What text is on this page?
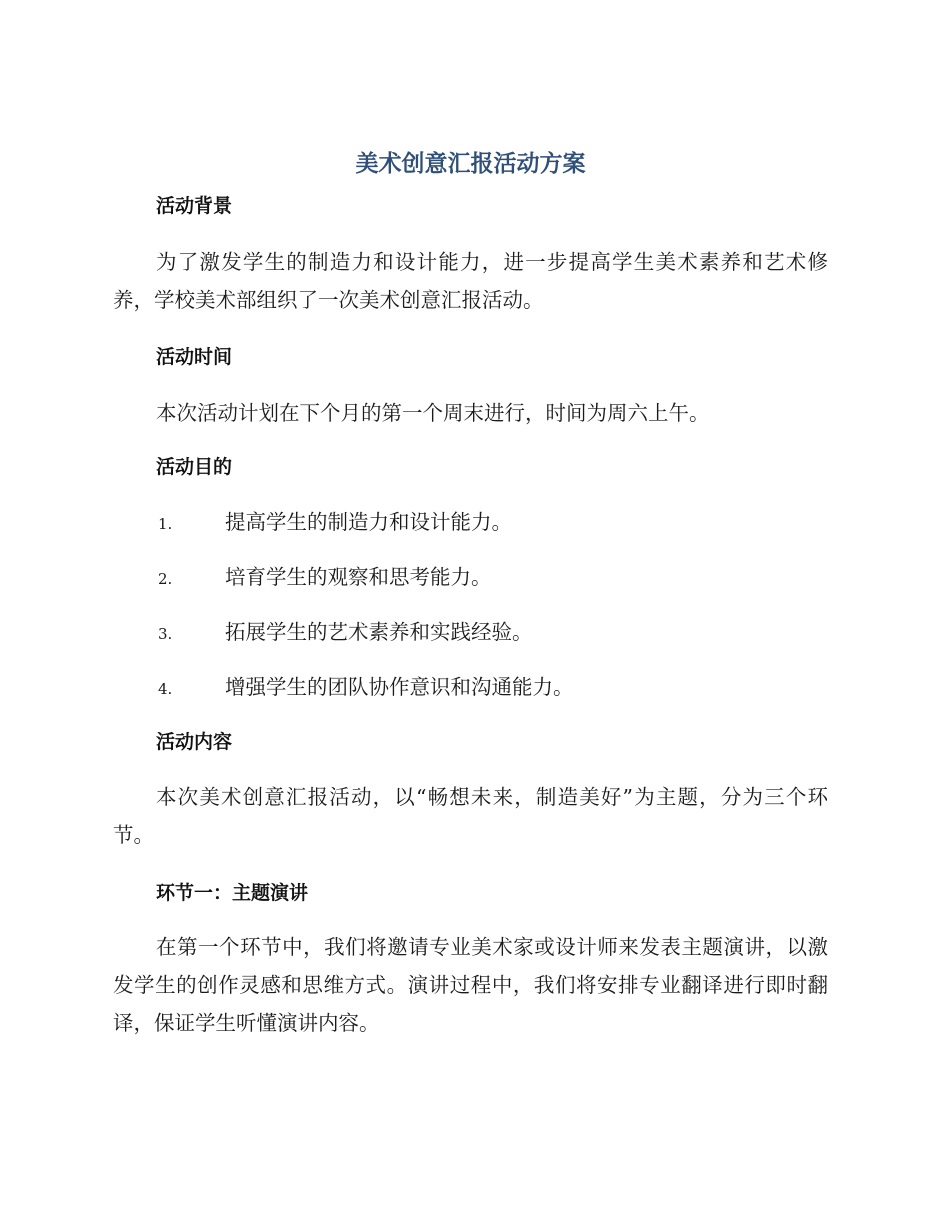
美术创意汇报活动方案
活动背景

为了激发学生的制造力和设计能力，进一步提高学生美术素养和艺术修养，学校美术部组织了一次美术创意汇报活动。

活动时间

本次活动计划在下个月的第一个周末进行，时间为周六上午。

活动目的
1.	提高学生的制造力和设计能力。
2.	培育学生的观察和思考能力。
3.	拓展学生的艺术素养和实践经验。
4.	增强学生的团队协作意识和沟通能力。
活动内容

本次美术创意汇报活动，以“畅想未来，制造美好”为主题，分为三个环节。

环节一：主题演讲

在第一个环节中，我们将邀请专业美术家或设计师来发表主题演讲，以激发学生的创作灵感和思维方式。演讲过程中，我们将安排专业翻译进行即时翻译，保证学生听懂演讲内容。
